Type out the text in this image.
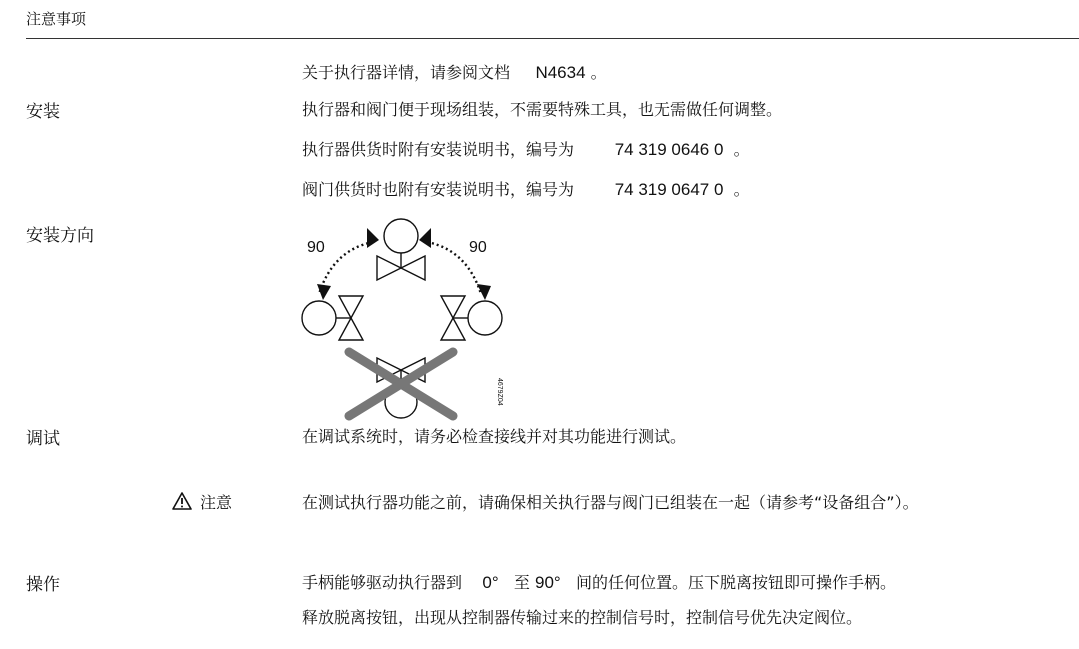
注意事项
关于执行器详情，请参阅文档 N4634 。
安装	执行器和阀门便于现场组装，不需要特殊工具，也无需做任何调整。
执行器供货时附有安装说明书，编号为 74 319 0646 0 。
阀门供货时也附有安装说明书，编号为 74 319 0647 0 。
安装方向
90	90
4679Z04
调试	在调试系统时，请务必检查接线并对其功能进行测试。
注意	在测试执行器功能之前，请确保相关执行器与阀门已组装在一起（请参考“设备组合”）。
操作	手柄能够驱动执行器到 0° 至 90° 间的任何位置。压下脱离按钮即可操作手柄。
释放脱离按钮，出现从控制器传输过来的控制信号时，控制信号优先决定阀位。
